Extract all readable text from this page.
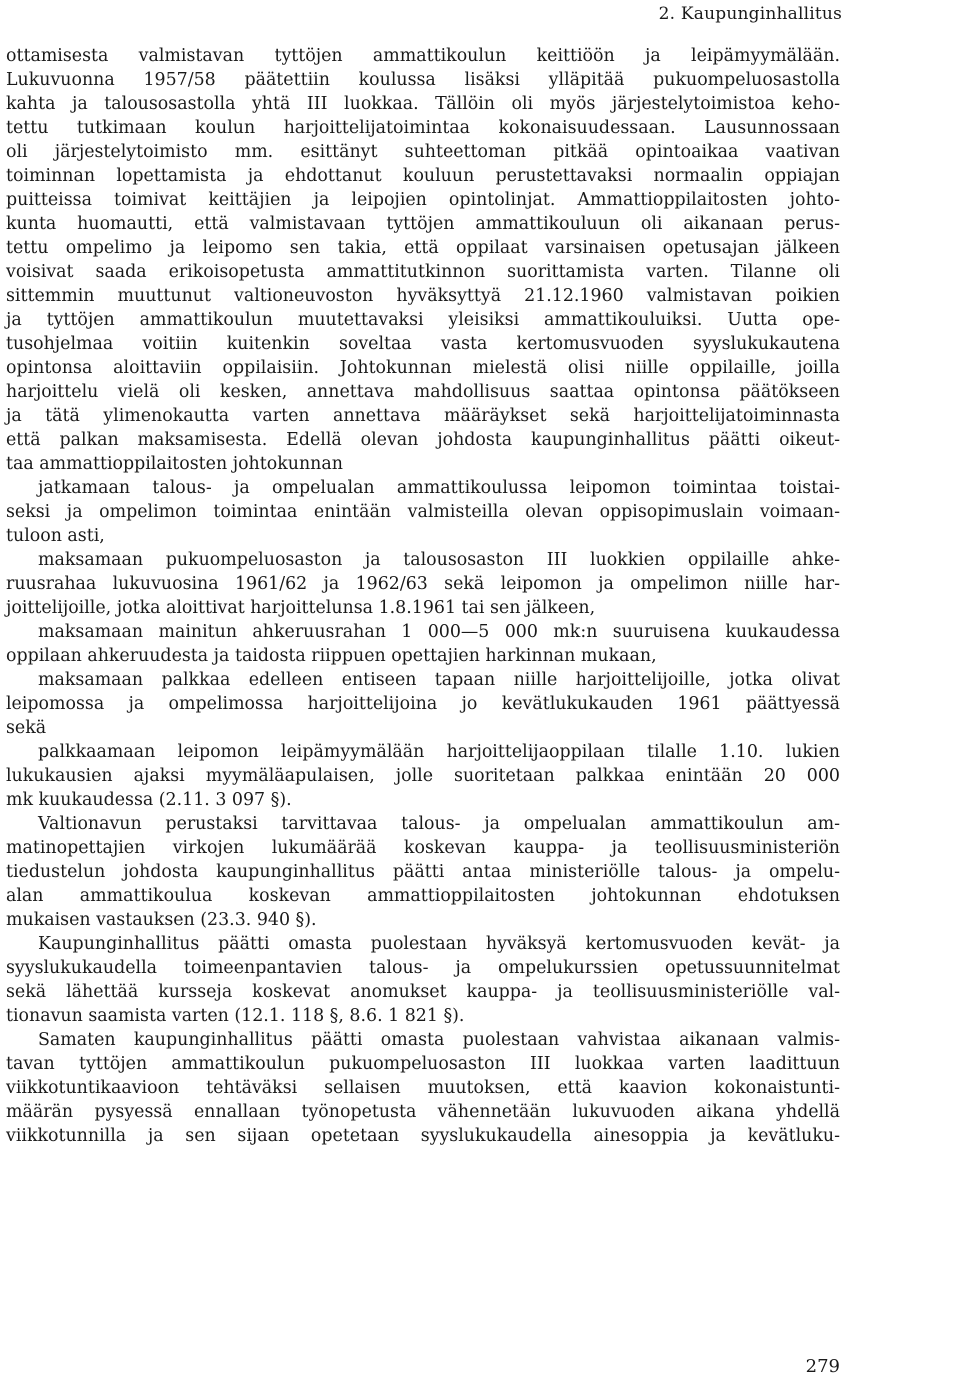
2. Kaupunginhallitus
ottamisesta valmistavan tyttöjen ammattikoulun keittiöön ja leipämyymälään.
Lukuvuonna 1957/58 päätettiin koulussa lisäksi ylläpitää pukuompeluosastolla
kahta ja talousosastolla yhtä III luokkaa. Tällöin oli myös järjestelytoimistoa keho-
tettu tutkimaan koulun harjoittelijatoimintaa kokonaisuudessaan. Lausunnossaan
oli järjestelytoimisto mm. esittänyt suhteettoman pitkää opintoaikaa vaativan
toiminnan lopettamista ja ehdottanut kouluun perustettavaksi normaalin oppiajan
puitteissa toimivat keittäjien ja leipojien opintolinjat. Ammattioppilaitosten johto-
kunta huomautti, että valmistavaan tyttöjen ammattikouluun oli aikanaan perus-
tettu ompelimo ja leipomo sen takia, että oppilaat varsinaisen opetusajan jälkeen
voisivat saada erikoisopetusta ammattitutkinnon suorittamista varten. Tilanne oli
sittemmin muuttunut valtioneuvoston hyväksyttyä 21.12.1960 valmistavan poikien
ja tyttöjen ammattikoulun muutettavaksi yleisiksi ammattikouluiksi. Uutta ope-
tusohjelmaa voitiin kuitenkin soveltaa vasta kertomusvuoden syyslukukautena
opintonsa aloittaviin oppilaisiin. Johtokunnan mielestä olisi niille oppilaille, joilla
harjoittelu vielä oli kesken, annettava mahdollisuus saattaa opintonsa päätökseen
ja tätä ylimenokautta varten annettava määräykset sekä harjoittelijatoiminnasta
että palkan maksamisesta. Edellä olevan johdosta kaupunginhallitus päätti oikeut-
taa ammattioppilaitosten johtokunnan
jatkamaan talous- ja ompelualan ammattikoulussa leipomon toimintaa toistai-
seksi ja ompelimon toimintaa enintään valmisteilla olevan oppisopimuslain voimaan-
tuloon asti,
maksamaan pukuompeluosaston ja talousosaston III luokkien oppilaille ahke-
ruusrahaa lukuvuosina 1961/62 ja 1962/63 sekä leipomon ja ompelimon niille har-
joittelijoille, jotka aloittivat harjoittelunsa 1.8.1961 tai sen jälkeen,
maksamaan mainitun ahkeruusrahan 1 000—5 000 mk:n suuruisena kuukaudessa
oppilaan ahkeruudesta ja taidosta riippuen opettajien harkinnan mukaan,
maksamaan palkkaa edelleen entiseen tapaan niille harjoittelijoille, jotka olivat
leipomossa ja ompelimossa harjoittelijoina jo kevätlukukauden 1961 päättyessä
sekä
palkkaamaan leipomon leipämyymälään harjoittelijaoppilaan tilalle 1.10. lukien
lukukausien ajaksi myymäläapulaisen, jolle suoritetaan palkkaa enintään 20 000
mk kuukaudessa (2.11. 3 097 §).
Valtionavun perustaksi tarvittavaa talous- ja ompelualan ammattikoulun am-
matinopettajien virkojen lukumäärää koskevan kauppa- ja teollisuusministeriön
tiedustelun johdosta kaupunginhallitus päätti antaa ministeriölle talous- ja ompelu-
alan ammattikoulua koskevan ammattioppilaitosten johtokunnan ehdotuksen
mukaisen vastauksen (23.3. 940 §).
Kaupunginhallitus päätti omasta puolestaan hyväksyä kertomusvuoden kevät- ja
syyslukukaudella toimeenpantavien talous- ja ompelukurssien opetussuunnitelmat
sekä lähettää kursseja koskevat anomukset kauppa- ja teollisuusministeriölle val-
tionavun saamista varten (12.1. 118 §, 8.6. 1 821 §).
Samaten kaupunginhallitus päätti omasta puolestaan vahvistaa aikanaan valmis-
tavan tyttöjen ammattikoulun pukuompeluosaston III luokkaa varten laadittuun
viikkotuntikaavioon tehtäväksi sellaisen muutoksen, että kaavion kokonaistunti-
määrän pysyessä ennallaan työnopetusta vähennetään lukuvuoden aikana yhdellä
viikkotunnilla ja sen sijaan opetetaan syyslukukaudella ainesoppia ja kevätluku-
279
